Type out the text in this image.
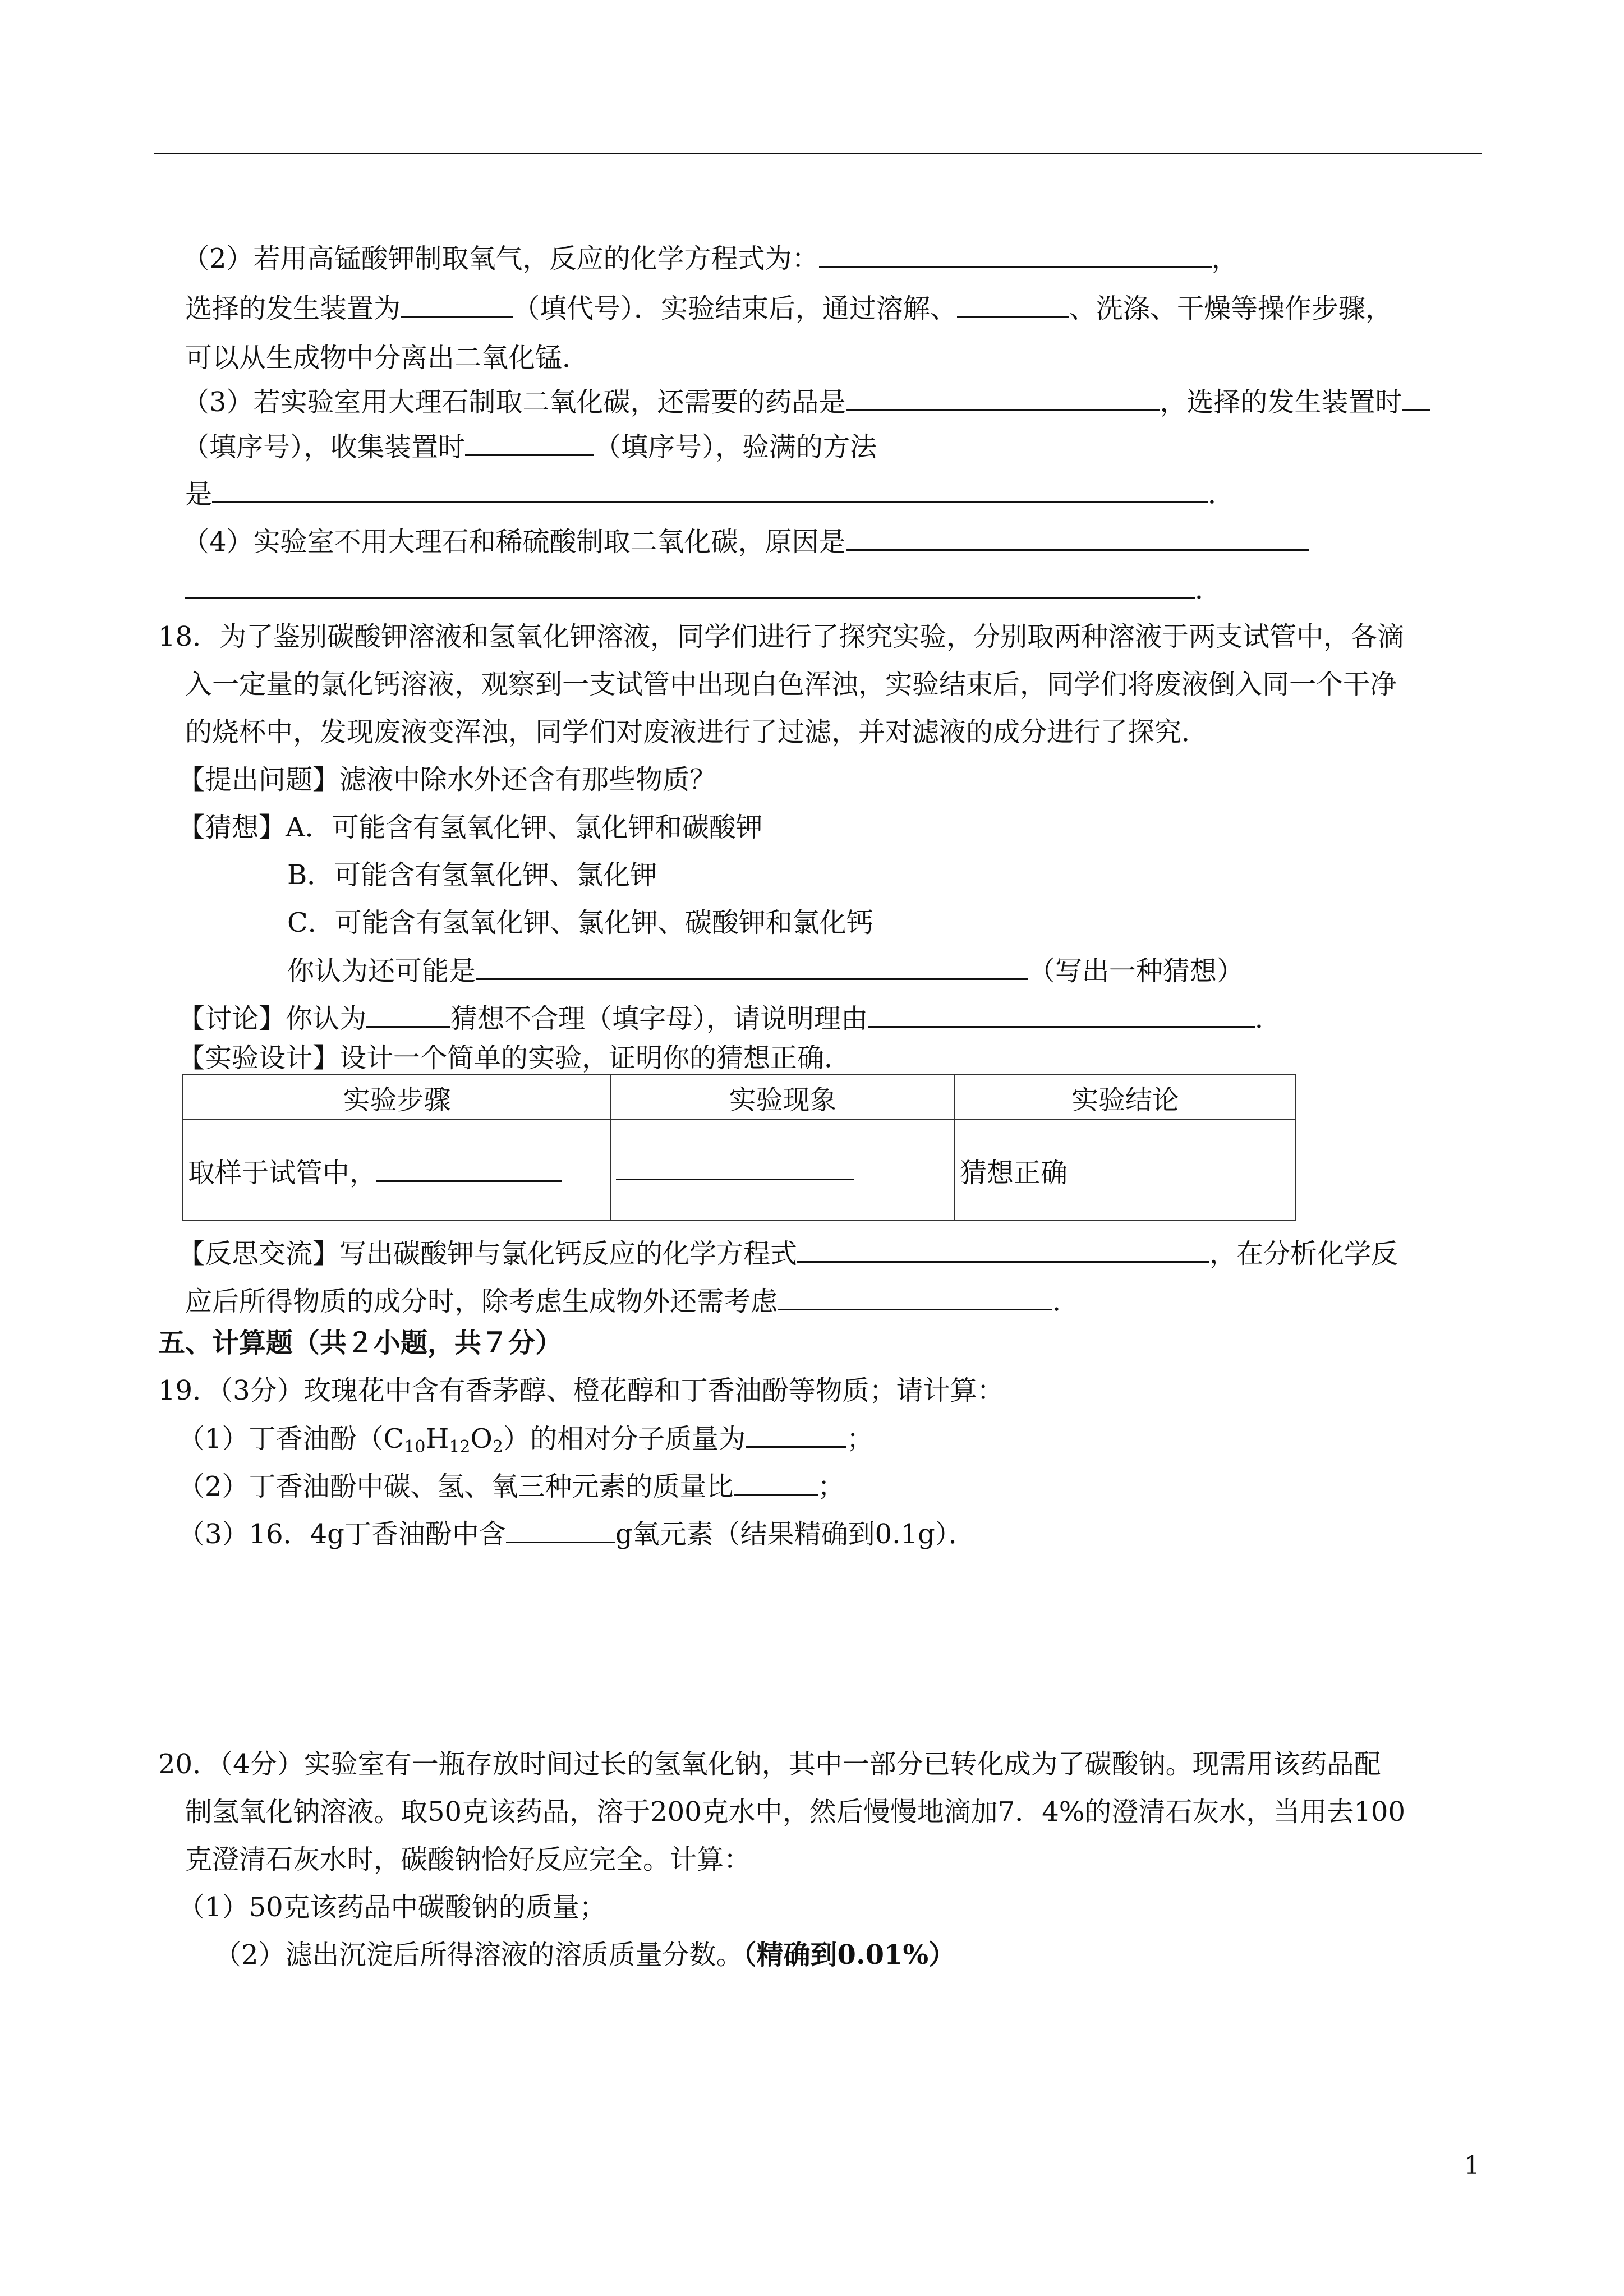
（2）若用高锰酸钾制取氧气，反应的化学方程式为：	，
选择的发生装置为	（填代号）．实验结束后，通过溶解、	、洗涤、干燥等操作步骤，
可以从生成物中分离出二氧化锰．
（3）若实验室用大理石制取二氧化碳，还需要的药品是	，选择的发生装置时
（填序号），收集装置时	（填序号），验满的方法
是	．
（4）实验室不用大理石和稀硫酸制取二氧化碳，原因是
．
18．为了鉴别碳酸钾溶液和氢氧化钾溶液，同学们进行了探究实验，分别取两种溶液于两支试管中，各滴
入一定量的氯化钙溶液，观察到一支试管中出现白色浑浊，实验结束后，同学们将废液倒入同一个干净
的烧杯中，发现废液变浑浊，同学们对废液进行了过滤，并对滤液的成分进行了探究．
【提出问题】滤液中除水外还含有那些物质？
【猜想】A．可能含有氢氧化钾、氯化钾和碳酸钾
B．可能含有氢氧化钾、氯化钾
C．可能含有氢氧化钾、氯化钾、碳酸钾和氯化钙
你认为还可能是	（写出一种猜想）
【讨论】你认为	猜想不合理（填字母），请说明理由	．
【实验设计】设计一个简单的实验，证明你的猜想正确．
实验步骤	实验现象	实验结论
取样于试管中，		猜想正确
【反思交流】写出碳酸钾与氯化钙反应的化学方程式	，在分析化学反
应后所得物质的成分时，除考虑生成物外还需考虑	．
五、计算题（共２小题，共７分）
19．（3分）玫瑰花中含有香茅醇、橙花醇和丁香油酚等物质；请计算：
（1）丁香油酚$(C_{10}H_{12}O_2)$的相对分子质量为	；
（2）丁香油酚中碳、氢、氧三种元素的质量比	；
（3）16．4g丁香油酚中含	g氧元素（结果精确到0.1g）．
20．（4分）实验室有一瓶存放时间过长的氢氧化钠，其中一部分已转化成为了碳酸钠。现需用该药品配
制氢氧化钠溶液。取50克该药品，溶于200克水中，然后慢慢地滴加7．4%的澄清石灰水，当用去100
克澄清石灰水时，碳酸钠恰好反应完全。计算：
（1）50克该药品中碳酸钠的质量；
（2）滤出沉淀后所得溶液的溶质质量分数。（精确到0.01%）
1
